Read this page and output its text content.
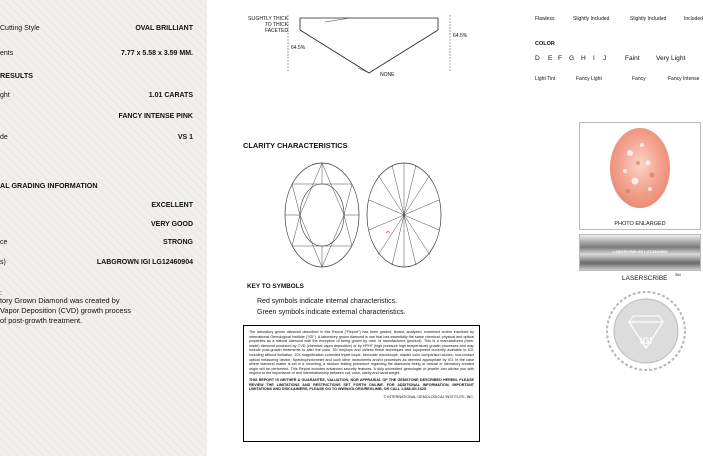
Cutting Style	OVAL BRILLIANT
ents	7.77 x 5.58 x 3.59 MM.
RESULTS
ght	1.01 CARATS
FANCY INTENSE PINK
de	VS 1
AL GRADING INFORMATION
EXCELLENT
VERY GOOD
ce	STRONG
s)	LABGROWN IGI LG12460904
:
tory Grown Diamond was created by
Vapor Deposition (CVD) growth process
of post-growth treatment.
SLIGHTLY THICK
TO THICK
FACETED
64.5%
64.5%
NONE
Flawless	Slightly Included	Slightly Included	Included
COLOR
D E F G H I J	Faint Very Light
Light Tint	Fancy Light	Fancy	Fancy Intense
CLARITY CHARACTERISTICS
KEY TO SYMBOLS
Red symbols indicate internal characteristics.
Green symbols indicate external characteristics.
The laboratory grown diamond described in this Report ("Report") has been graded, tested, analyzed, examined and/or inscribed by International Gemological Institute ("IGI"). A laboratory grown diamond is one that has essentially the same chemical, physical and optical properties as a natural diamond with the exception of being grown by man. Is manufactured (product). This is a manufactured (man-made) diamond produced by CVD (chemical vapor deposition) or by HPHT (high pressure high temperature) growth processes and may include post-growth treatments to alter the color. IGI employs and utilizes those techniques and equipment currently available to IGI, including without limitation, 10X magnification corrected triplet loupe, binocular microscope, master color comparison stones, non-contact optical measuring device, Spectrophotometer and such other instruments and/or processes as deemed appropriate by IGI. In the case where diamond matter is set in a mounting, a random testing procedure regarding the diamonds being or natural or laboratory created origin will be performed. This Report includes advanced security features. A duly accredited gemologist or jeweler can advise you with respect to the importance of and interrelationship between cut, color, clarity and carat weight.
THIS REPORT IS NEITHER A GUARANTEE, VALUATION, NOR APPRAISAL OF THE GEMSTONE DESCRIBED HEREIN. PLEASE REVIEW THE LIMITATIONS AND RESTRICTIONS SET FORTH ONLINE. FOR ADDITIONAL INFORMATION, IMPORTANT LIMITATIONS AND DISCLAIMERS, PLEASE GO TO WWW.IGI.ORG/REGLIMB, OR CALL 1-888-IGI-1625.
© INTERNATIONAL GEMOLOGICAL INSTITUTE, INC.
PHOTO ENLARGED
LABGROWN IGI LG12460904
LASERSCRIBE SM
IGI
